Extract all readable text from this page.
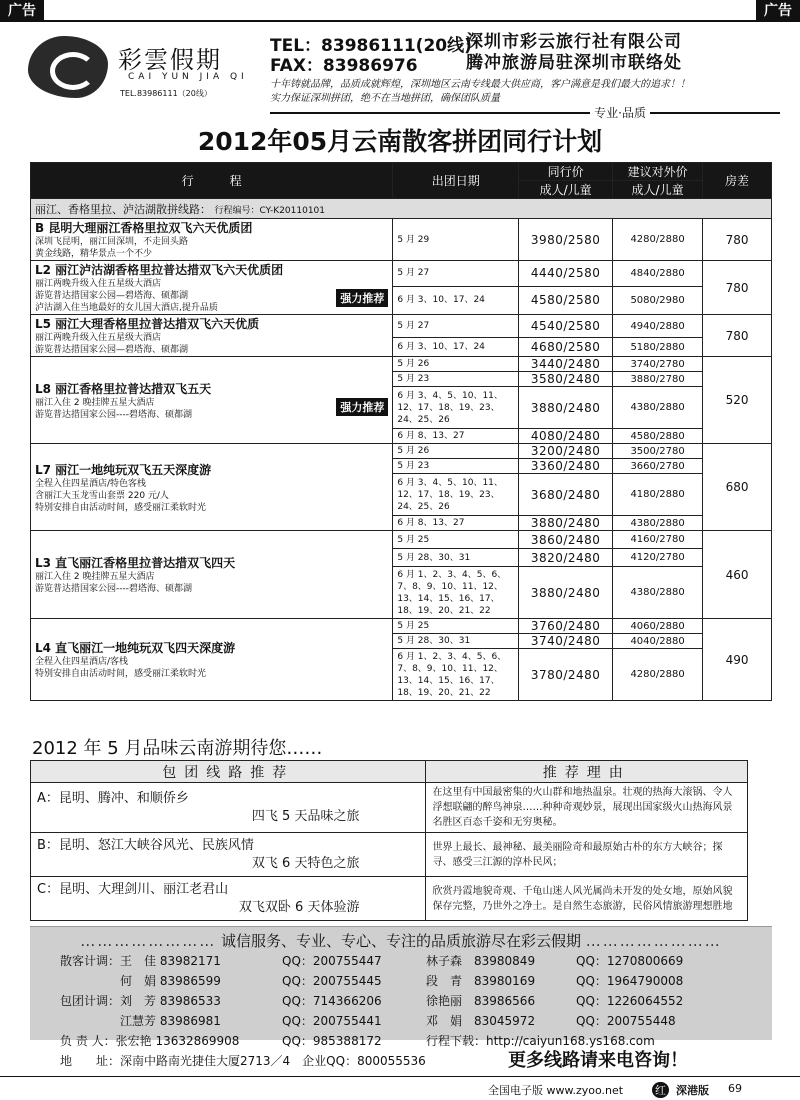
广告	广告
彩雲假期
CAI YUN JIA QI
TEL.83986111（20线）
TEL：83986111(20线)
FAX：83986976
深圳市彩云旅行社有限公司
腾冲旅游局驻深圳市联络处
十年铸就品牌，品质成就辉煌，深圳地区云南专线最大供应商，客户满意是我们最大的追求！！
实力保证深圳拼团，绝不在当地拼团，确保团队质量
专业·品质
2012年05月云南散客拼团同行计划
行　　　程	出团日期	同行价	建议对外价	房差
		成人/儿童	成人/儿童	
丽江、香格里拉、泸沽湖散拼线路： 行程编号：CY-K20110101				

B 昆明大理丽江香格里拉双飞六天优质团
深圳飞昆明，丽江回深圳，不走回头路
黄金线路，精华景点一个不少	5 月 29	3980/2580	4280/2880	780

强力推荐
L2 丽江泸沽湖香格里拉普达措双飞六天优质团
丽江两晚升级入住五星级大酒店
游览普达措国家公园—碧塔海、硕都湖
泸沽湖入住当地最好的女儿国大酒店,提升品质	5 月 27	4440/2580	4840/2880	780
	6 月 3、10、17、24	4580/2580	5080/2980	

L5 丽江大理香格里拉普达措双飞六天优质
丽江两晚升级入住五星级大酒店
游览普达措国家公园—碧塔海、硕都湖	5 月 27	4540/2580	4940/2880	780
	6 月 3、10、17、24	4680/2580	5180/2880	

强力推荐
L8 丽江香格里拉普达措双飞五天
丽江入住 2 晚挂牌五星大酒店
游览普达措国家公园----碧塔海、硕都湖	5 月 26	3440/2480	3740/2780	520
	5 月 23	3580/2480	3880/2780	
	6 月 3、4、5、10、11、12、17、18、19、23、24、25、26	3880/2480	4380/2880	
	6 月 8、13、27	4080/2480	4580/2880	

L7 丽江一地纯玩双飞五天深度游
全程入住四星酒店/特色客栈
含丽江大玉龙雪山套票 220 元/人
特别安排自由活动时间，感受丽江柔软时光	5 月 26	3200/2480	3500/2780	680
	5 月 23	3360/2480	3660/2780	
	6 月 3、4、5、10、11、12、17、18、19、23、24、25、26	3680/2480	4180/2880	
	6 月 8、13、27	3880/2480	4380/2880	

L3 直飞丽江香格里拉普达措双飞四天
丽江入住 2 晚挂牌五星大酒店
游览普达措国家公园----碧塔海、硕都湖	5 月 25	3860/2480	4160/2780	460
	5 月 28、30、31	3820/2480	4120/2780	
	6 月 1、2、3、4、5、6、7、8、9、10、11、12、13、14、15、16、17、18、19、20、21、22	3880/2480	4380/2880	

L4 直飞丽江一地纯玩双飞四天深度游
全程入住四星酒店/客栈
特别安排自由活动时间，感受丽江柔软时光	5 月 25	3760/2480	4060/2880	490
	5 月 28、30、31	3740/2480	4040/2880	
	6 月 1、2、3、4、5、6、7、8、9、10、11、12、13、14、15、16、17、18、19、20、21、22	3780/2480	4280/2880	
2012 年 5 月品味云南游期待您……
包团线路推荐	推荐理由	
A：昆明、腾冲、和顺侨乡
四飞 5 天品味之旅	在这里有中国最密集的火山群和地热温泉。壮观的热海大滚锅、令人浮想联翩的醉鸟神泉……种种奇观妙景，展现出国家级火山热海风景名胜区百态千姿和无穷奥秘。	
B：昆明、怒江大峡谷风光、民族风情
双飞 6 天特色之旅	世界上最长、最神秘、最美丽险奇和最原始古朴的东方大峡谷；探寻、感受三江源的淳朴民风；	
C：昆明、大理剑川、丽江老君山
双飞双卧 6 天体验游	欣赏丹霞地貌奇观、千龟山迷人风光属尚未开发的处女地，原始风貌保存完整，乃世外之净土。是自然生态旅游，民俗风情旅游理想胜地	
…………………… 诚信服务、专业、专心、专注的品质旅游尽在彩云假期 ……………………
散客计调：王　佳 83982171	QQ：200755447	林子森　83980849	QQ：1270800669
　　　　　何　娟 83986599	QQ：200755445	段　青　83980169	QQ：1964790008
包团计调：刘　芳 83986533	QQ：714366206	徐艳丽　83986566	QQ：1226064552
　　　　　江慧芳 83986981	QQ：200755441	邓　娟　83045972	QQ：200755448
负 责 人：张宏艳 13632869908	QQ：985388172	行程下载：http://caiyun168.ys168.com
地　　址：深南中路南光捷佳大厦2713／4　企业QQ：800055536	更多线路请来电咨询！
全国电子版 www.zyoo.net	红 深港版 69
